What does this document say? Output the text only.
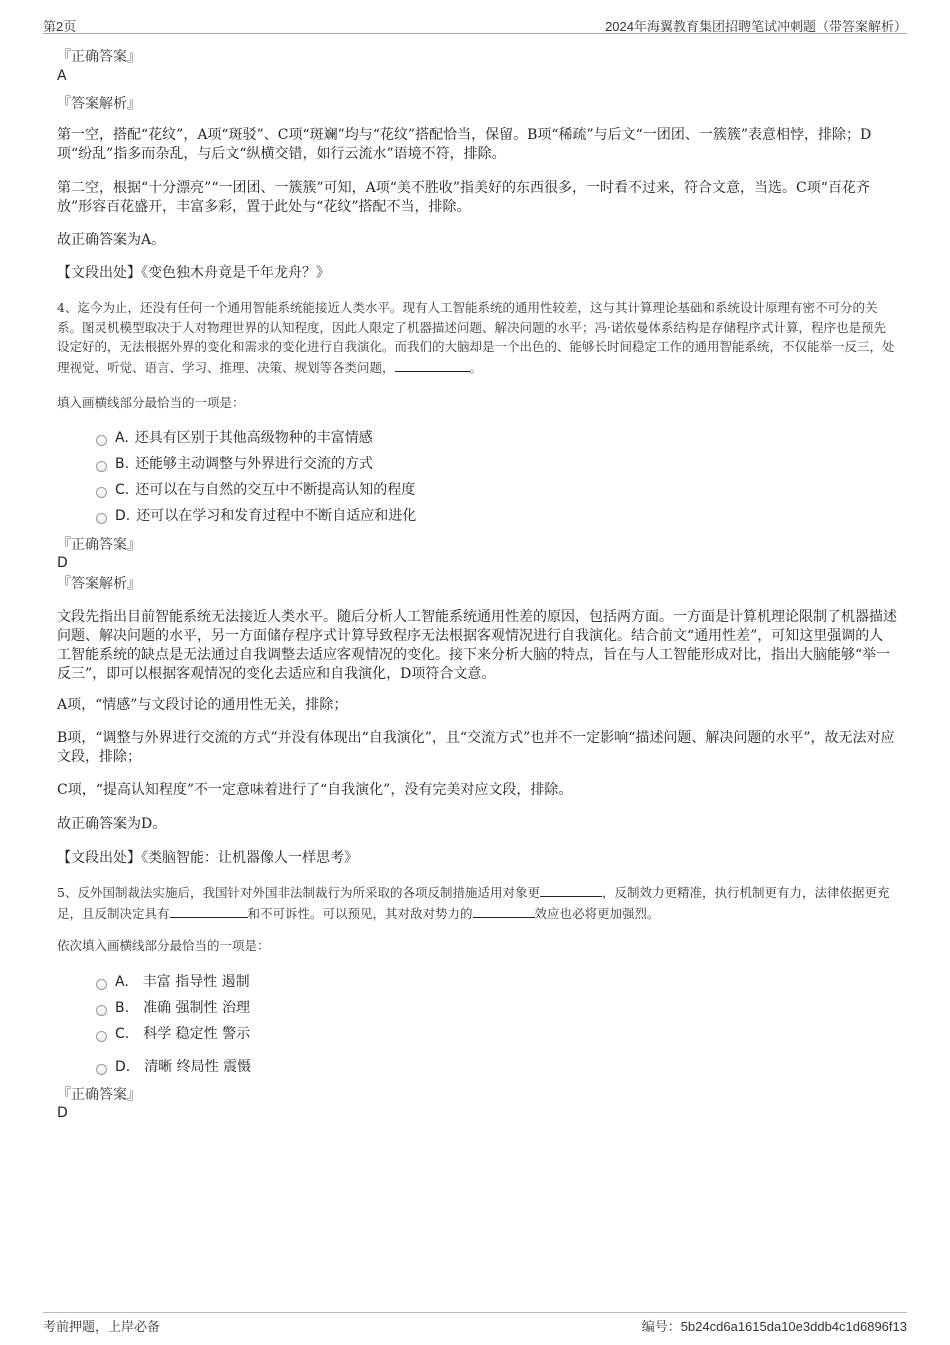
第2页	2024年海翼教育集团招聘笔试冲刺题（带答案解析）
『正确答案』
A
『答案解析』
第一空，搭配“花纹”，A项“斑驳”、C项“斑斓”均与“花纹”搭配恰当，保留。B项“稀疏”与后文“一团团、一簇簇”表意相悖，排除；D项“纷乱”指多而杂乱，与后文“纵横交错，如行云流水”语境不符，排除。
第二空，根据“十分漂亮”“一团团、一簇簇”可知，A项“美不胜收”指美好的东西很多，一时看不过来，符合文意，当选。C项“百花齐放”形容百花盛开，丰富多彩，置于此处与“花纹”搭配不当，排除。
故正确答案为A。
【文段出处】《变色独木舟竟是千年龙舟？》
4、迄今为止，还没有任何一个通用智能系统能接近人类水平。现有人工智能系统的通用性较差，这与其计算理论基础和系统设计原理有密不可分的关系。图灵机模型取决于人对物理世界的认知程度，因此人限定了机器描述问题、解决问题的水平；冯·诺依曼体系结构是存储程序式计算，程序也是预先设定好的，无法根据外界的变化和需求的变化进行自我演化。而我们的大脑却是一个出色的、能够长时间稳定工作的通用智能系统，不仅能举一反三，处理视觉、听觉、语言、学习、推理、决策、规划等各类问题，	。
填入画横线部分最恰当的一项是：
A. 还具有区别于其他高级物种的丰富情感
B. 还能够主动调整与外界进行交流的方式
C. 还可以在与自然的交互中不断提高认知的程度
D. 还可以在学习和发育过程中不断自适应和进化
『正确答案』
D
『答案解析』
文段先指出目前智能系统无法接近人类水平。随后分析人工智能系统通用性差的原因，包括两方面。一方面是计算机理论限制了机器描述问题、解决问题的水平，另一方面储存程序式计算导致程序无法根据客观情况进行自我演化。结合前文“通用性差”，可知这里强调的人工智能系统的缺点是无法通过自我调整去适应客观情况的变化。接下来分析大脑的特点，旨在与人工智能形成对比，指出大脑能够“举一反三”，即可以根据客观情况的变化去适应和自我演化，D项符合文意。
A项，“情感”与文段讨论的通用性无关，排除；
B项，“调整与外界进行交流的方式”并没有体现出“自我演化”，且“交流方式”也并不一定影响“描述问题、解决问题的水平”，故无法对应文段，排除；
C项，“提高认知程度”不一定意味着进行了“自我演化”，没有完美对应文段，排除。
故正确答案为D。
【文段出处】《类脑智能：让机器像人一样思考》
5、反外国制裁法实施后，我国针对外国非法制裁行为所采取的各项反制措施适用对象更	，反制效力更精准，执行机制更有力，法律依据更充足，且反制决定具有	和不可诉性。可以预见，其对敌对势力的	效应也必将更加强烈。
依次填入画横线部分最恰当的一项是：
A. 丰富 指导性 遏制
B. 准确 强制性 治理
C. 科学 稳定性 警示
D. 清晰 终局性 震慑
『正确答案』
D
考前押题，上岸必备	编号：5b24cd6a1615da10e3ddb4c1d6896f13
